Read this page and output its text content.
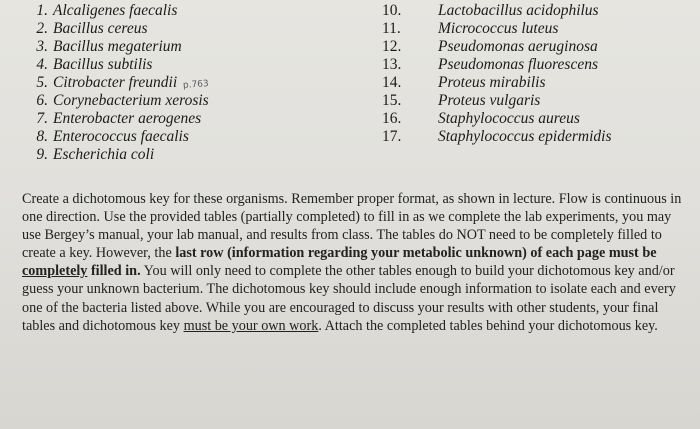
1. Alcaligenes faecalis
2. Bacillus cereus
3. Bacillus megaterium
4. Bacillus subtilis
5. Citrobacter freundii p.763
6. Corynebacterium xerosis
7. Enterobacter aerogenes
8. Enterococcus faecalis
9. Escherichia coli
10.
11.
12.
13.
14.
15.
16.
17.
Lactobacillus acidophilus
Micrococcus luteus
Pseudomonas aeruginosa
Pseudomonas fluorescens
Proteus mirabilis
Proteus vulgaris
Staphylococcus aureus
Staphylococcus epidermidis
Create a dichotomous key for these organisms. Remember proper format, as shown in lecture. Flow is continuous in one direction. Use the provided tables (partially completed) to fill in as we complete the lab experiments, you may use Bergey’s manual, your lab manual, and results from class. The tables do NOT need to be completely filled to create a key. However, the last row (information regarding your metabolic unknown) of each page must be completely filled in. You will only need to complete the other tables enough to build your dichotomous key and/or guess your unknown bacterium. The dichotomous key should include enough information to isolate each and every one of the bacteria listed above. While you are encouraged to discuss your results with other students, your final tables and dichotomous key must be your own work. Attach the completed tables behind your dichotomous key.
